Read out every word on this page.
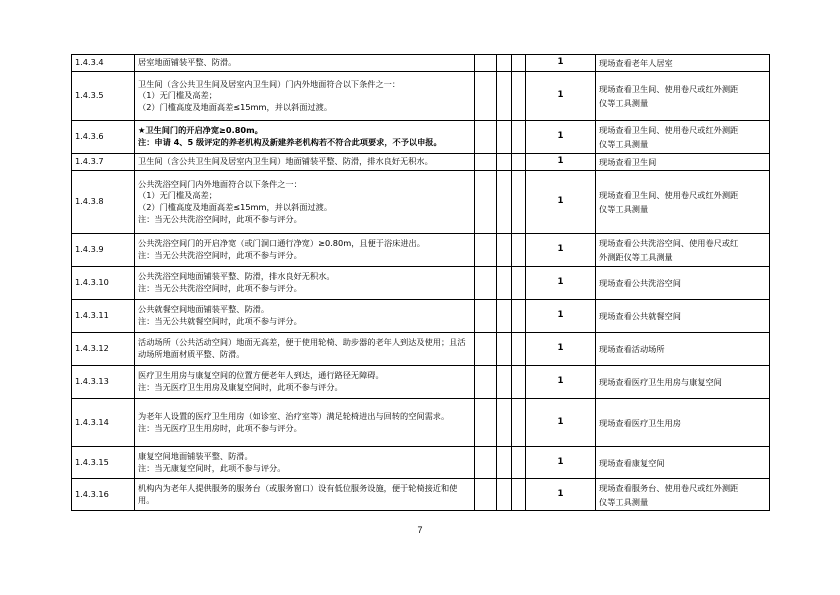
1.4.3.4	居室地面铺装平整、防滑。				1	现场查看老年人居室

1.4.3.5	卫生间（含公共卫生间及居室内卫生间）门内外地面符合以下条件之一：
（1）无门槛及高差；
（2）门槛高度及地面高差≤15mm，并以斜面过渡。				1	现场查看卫生间、使用卷尺或红外测距
仪等工具测量

1.4.3.6	★卫生间门的开启净宽≥0.80m。
注：申请 4、5 级评定的养老机构及新建养老机构若不符合此项要求，不予以申报。				1	现场查看卫生间、使用卷尺或红外测距
仪等工具测量

1.4.3.7	卫生间（含公共卫生间及居室内卫生间）地面铺装平整、防滑，排水良好无积水。				1	现场查看卫生间

1.4.3.8	公共洗浴空间门内外地面符合以下条件之一：
（1）无门槛及高差；
（2）门槛高度及地面高差≤15mm，并以斜面过渡。
注：当无公共洗浴空间时，此项不参与评分。				1	现场查看卫生间、使用卷尺或红外测距
仪等工具测量

1.4.3.9	公共洗浴空间门的开启净宽（或门洞口通行净宽）≥0.80m，且便于浴床进出。
注：当无公共洗浴空间时，此项不参与评分。				1	现场查看公共洗浴空间、使用卷尺或红
外测距仪等工具测量

1.4.3.10	公共洗浴空间地面铺装平整、防滑，排水良好无积水。
注：当无公共洗浴空间时，此项不参与评分。				1	现场查看公共洗浴空间

1.4.3.11	公共就餐空间地面铺装平整、防滑。
注：当无公共就餐空间时，此项不参与评分。				1	现场查看公共就餐空间

1.4.3.12	活动场所（公共活动空间）地面无高差，便于使用轮椅、助步器的老年人到达及使用；且活动场所地面材质平整、防滑。				1	现场查看活动场所

1.4.3.13	医疗卫生用房与康复空间的位置方便老年人到达，通行路径无障碍。
注：当无医疗卫生用房及康复空间时，此项不参与评分。				1	现场查看医疗卫生用房与康复空间

1.4.3.14	为老年人设置的医疗卫生用房（如诊室、治疗室等）满足轮椅进出与回转的空间需求。
注：当无医疗卫生用房时，此项不参与评分。				1	现场查看医疗卫生用房

1.4.3.15	康复空间地面铺装平整、防滑。
注：当无康复空间时，此项不参与评分。				1	现场查看康复空间

1.4.3.16	机构内为老年人提供服务的服务台（或服务窗口）设有低位服务设施，便于轮椅接近和使用。				1	现场查看服务台、使用卷尺或红外测距
仪等工具测量
7
